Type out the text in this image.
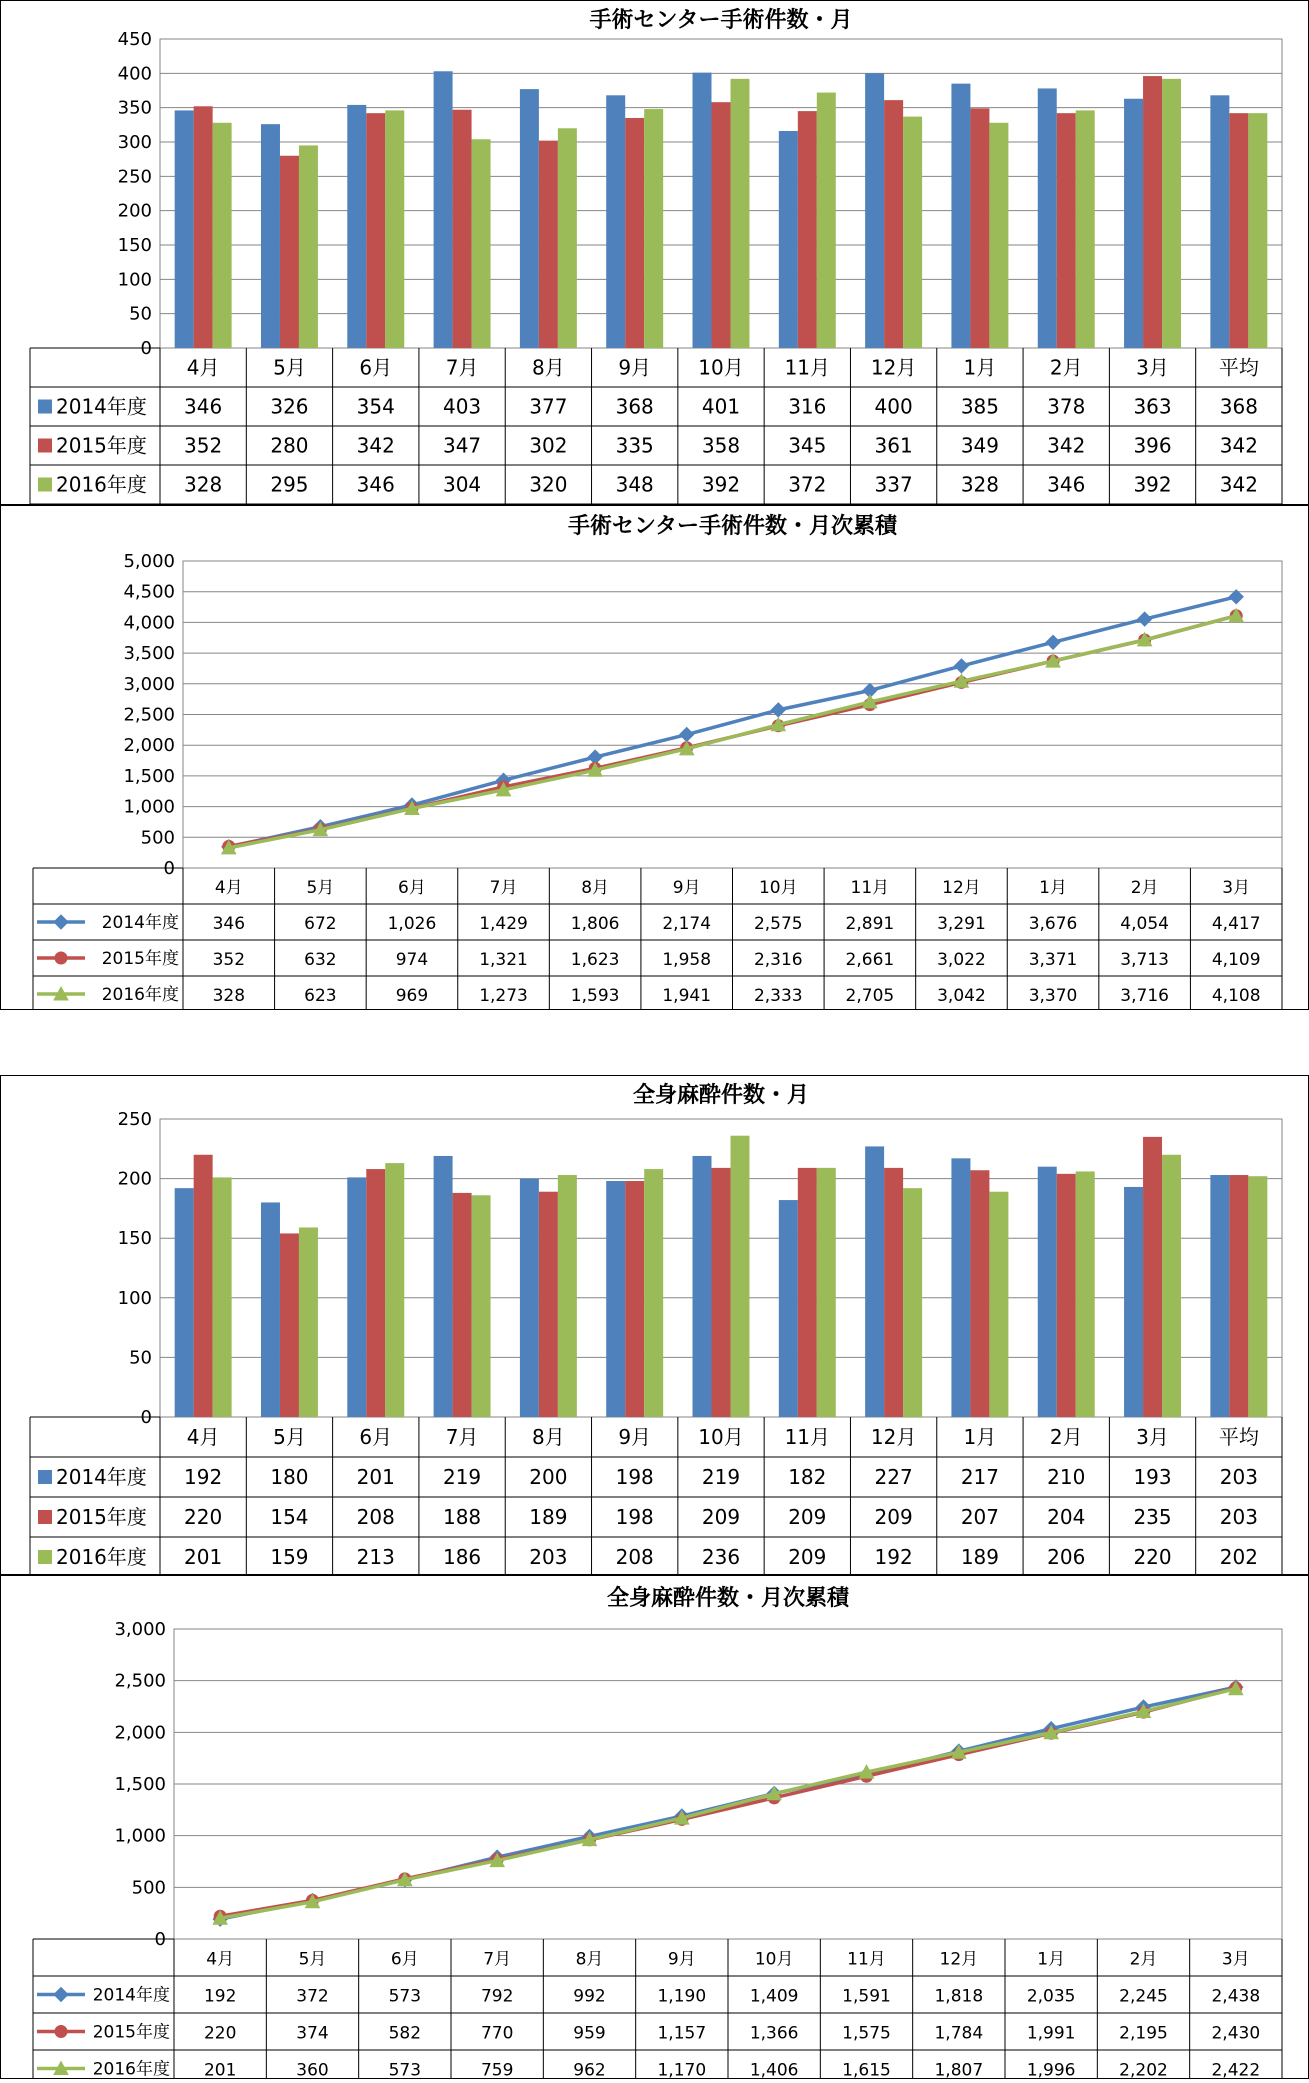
手術センター手術件数・月
0
50
100
150
200
250
300
350
400
450
4月	5月	6月	7月	8月	9月 10月 11月 12月 1月	2月	3月 平均
2014年度 346 326 354 403 377 368 401 316 400 385 378 363 368
2015年度 352 280 342 347 302 335 358 345 361 349 342 396 342
2016年度 328 295 346 304 320 348 392 372 337 328 346 392 342
手術センター手術件数・月次累積
0
500
1,000
1,500
2,000
2,500
3,000
3,500
4,000
4,500
5,000
4月	5月	6月	7月	8月	9月	10月	11月	12月	1月	2月	3月
2014年度 346	672	1,026	1,429	1,806	2,174	2,575	2,891	3,291	3,676	4,054	4,417
2015年度 352	632	974	1,321	1,623	1,958	2,316	2,661	3,022	3,371	3,713	4,109
2016年度 328	623	969	1,273	1,593	1,941	2,333	2,705	3,042	3,370	3,716	4,108
全身麻酔件数・月
0
50
100
150
200
250
4月	5月	6月	7月	8月	9月 10月 11月 12月 1月	2月	3月 平均
2014年度 192 180 201 219 200 198 219 182 227 217 210 193 203
2015年度 220 154 208 188 189 198 209 209 209 207 204 235 203
2016年度 201 159 213 186 203 208 236 209 192 189 206 220 202
全身麻酔件数・月次累積
0
500
1,000
1,500
2,000
2,500
3,000
4月	5月	6月	7月	8月	9月	10月	11月	12月	1月	2月	3月
2014年度 192	372	573	792	992	1,190	1,409	1,591	1,818	2,035	2,245	2,438
2015年度 220	374	582	770	959	1,157	1,366	1,575	1,784	1,991	2,195	2,430
2016年度 201	360	573	759	962	1,170	1,406	1,615	1,807	1,996	2,202	2,422
